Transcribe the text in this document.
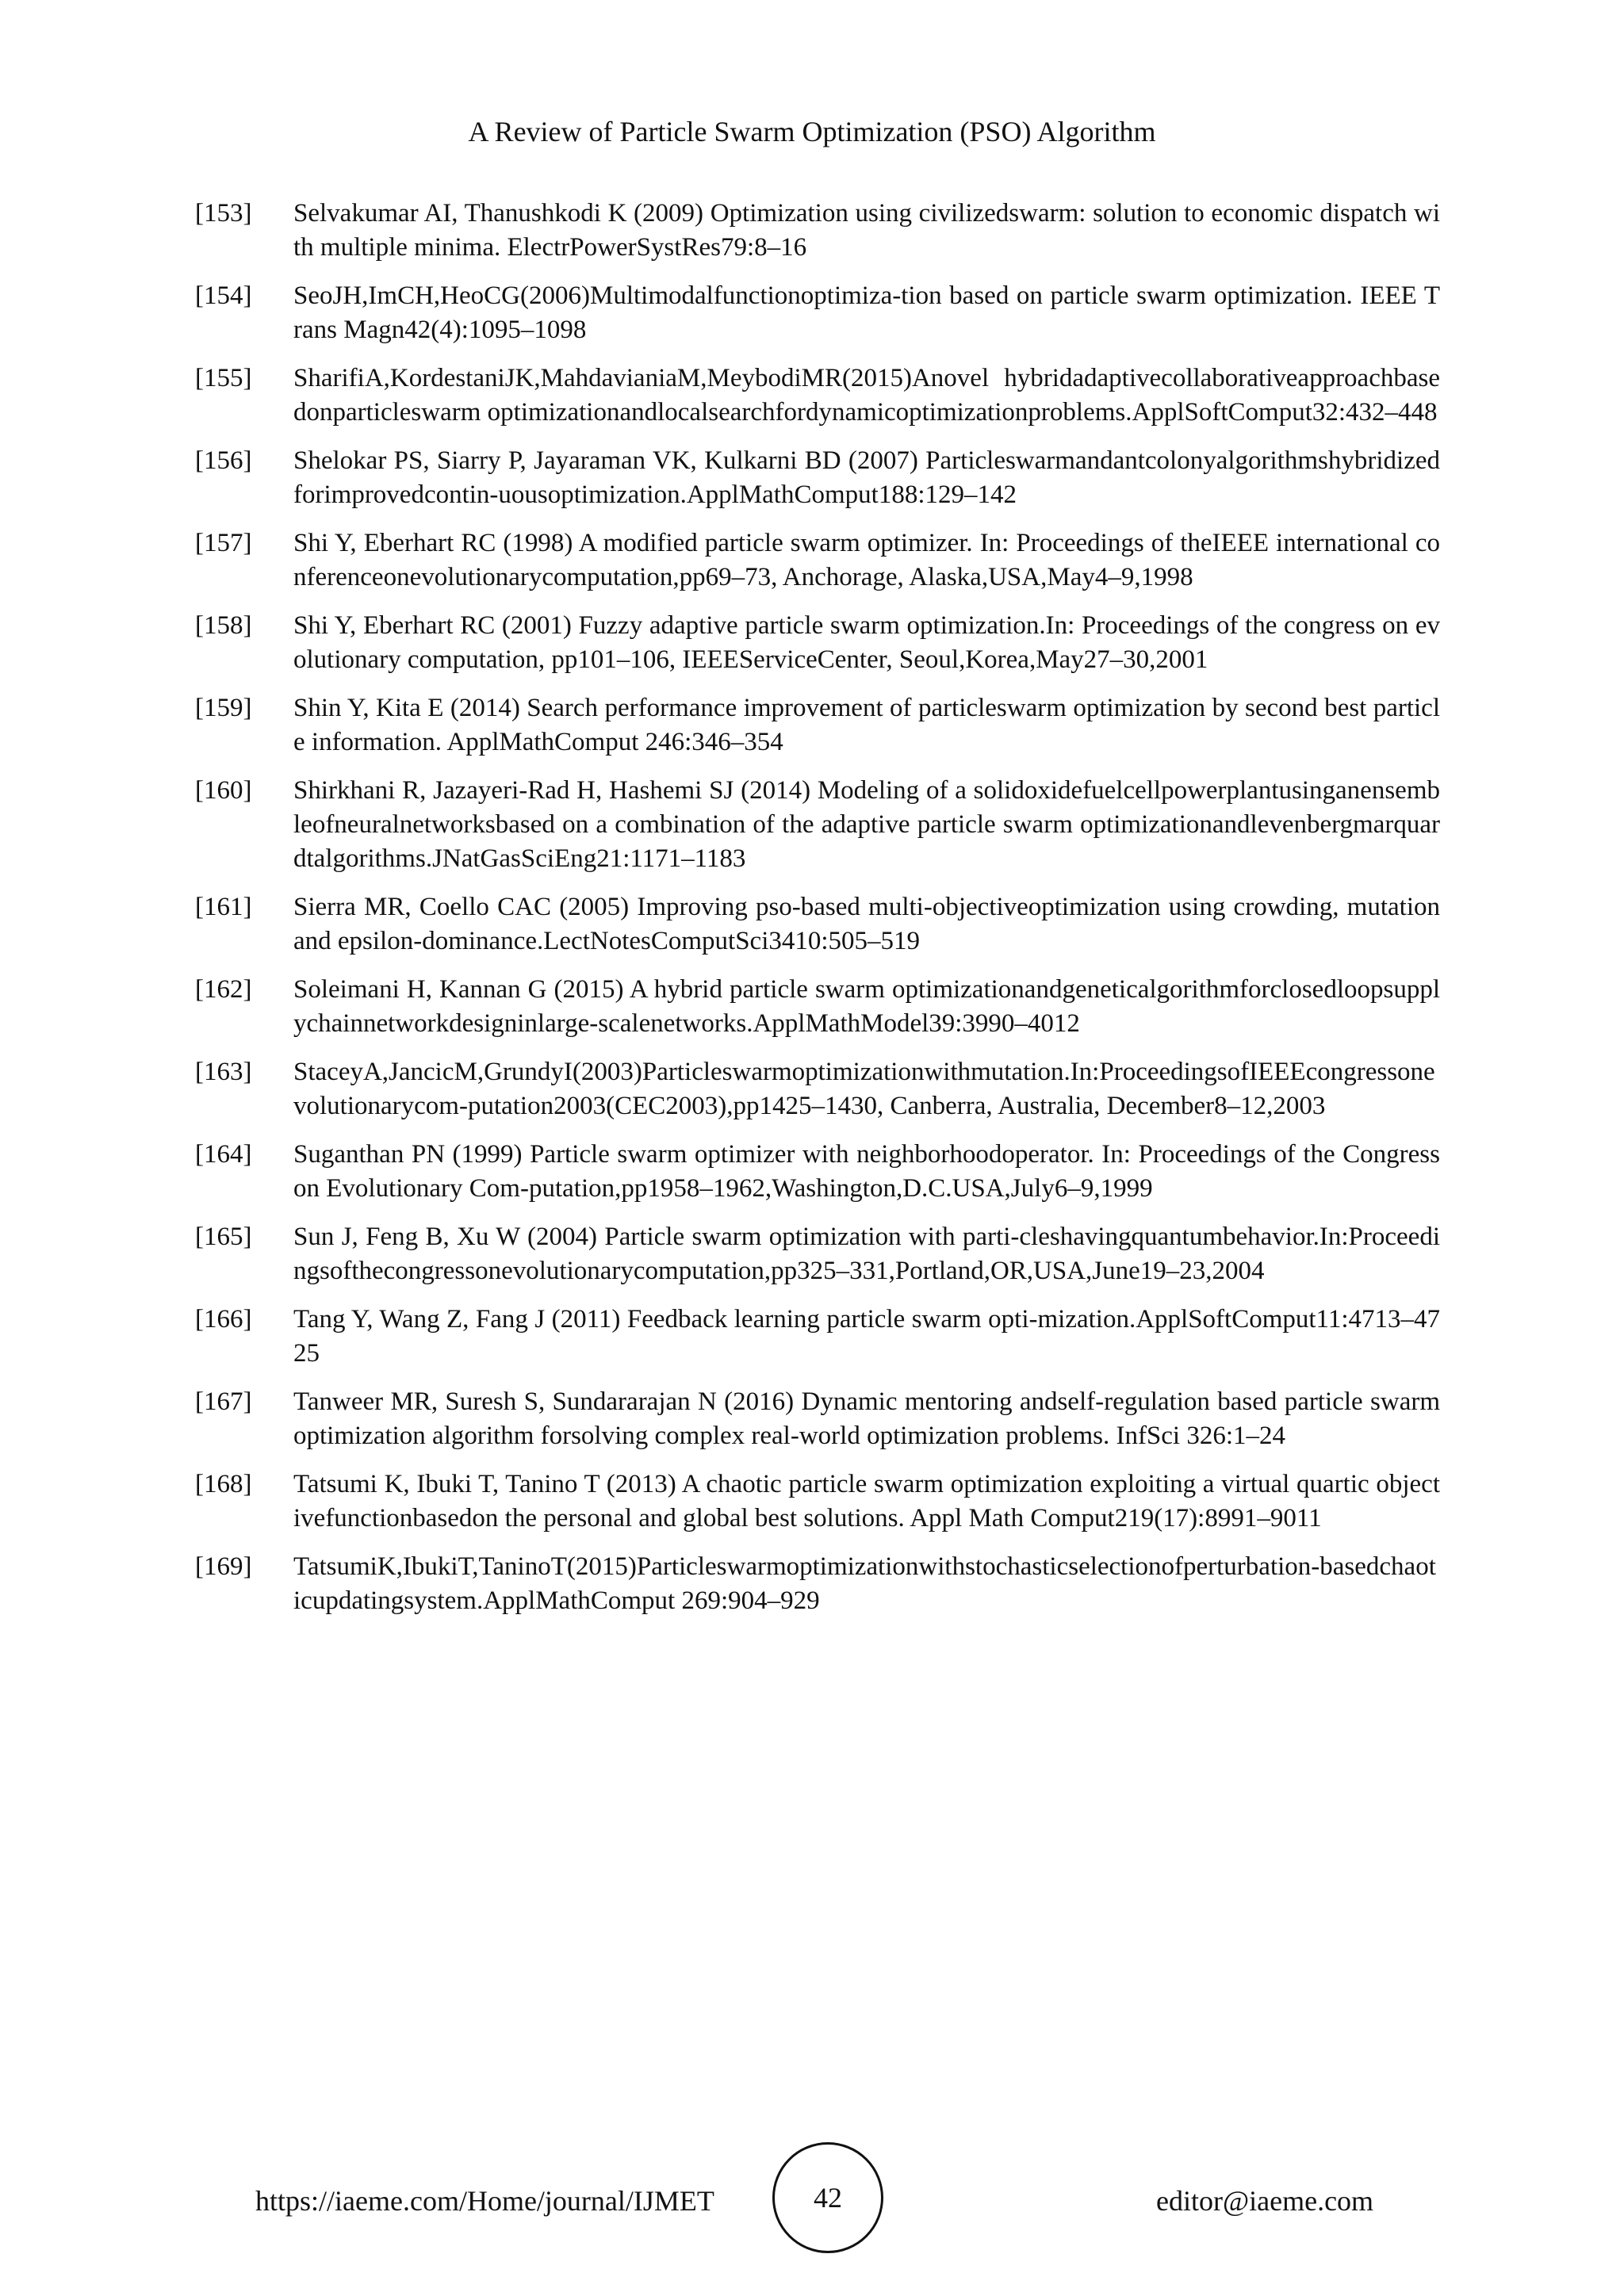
A Review of Particle Swarm Optimization (PSO) Algorithm
[153]	Selvakumar AI, Thanushkodi K (2009) Optimization using civilizedswarm: solution to economic dispatch with multiple minima. ElectrPowerSystRes79:8–16
[154]	SeoJH,ImCH,HeoCG(2006)Multimodalfunctionoptimiza-tion based on particle swarm optimization. IEEE Trans Magn42(4):1095–1098
[155]	SharifiA,KordestaniJK,MahdavianiaM,MeybodiMR(2015)Anovel hybridadaptivecollaborativeapproachbasedonparticleswarm optimizationandlocalsearchfordynamicoptimizationproblems.ApplSoftComput32:432–448
[156]	Shelokar PS, Siarry P, Jayaraman VK, Kulkarni BD (2007) Particleswarmandantcolonyalgorithmshybridizedforimprovedcontin-uousoptimization.ApplMathComput188:129–142
[157]	Shi Y, Eberhart RC (1998) A modified particle swarm optimizer. In: Proceedings of theIEEE international conferenceonevolutionarycomputation,pp69–73, Anchorage, Alaska,USA,May4–9,1998
[158]	Shi Y, Eberhart RC (2001) Fuzzy adaptive particle swarm optimization.In: Proceedings of the congress on evolutionary computation, pp101–106, IEEEServiceCenter, Seoul,Korea,May27–30,2001
[159]	Shin Y, Kita E (2014) Search performance improvement of particleswarm optimization by second best particle information. ApplMathComput 246:346–354
[160]	Shirkhani R, Jazayeri-Rad H, Hashemi SJ (2014) Modeling of a solidoxidefuelcellpowerplantusinganensembleofneuralnetworksbased on a combination of the adaptive particle swarm optimizationandlevenbergmarquardtalgorithms.JNatGasSciEng21:1171–1183
[161]	Sierra MR, Coello CAC (2005) Improving pso-based multi-objectiveoptimization using crowding, mutation and epsilon-dominance.LectNotesComputSci3410:505–519
[162]	Soleimani H, Kannan G (2015) A hybrid particle swarm optimizationandgeneticalgorithmforclosedloopsupplychainnetworkdesigninlarge-scalenetworks.ApplMathModel39:3990–4012
[163]	StaceyA,JancicM,GrundyI(2003)Particleswarmoptimizationwithmutation.In:ProceedingsofIEEEcongressonevolutionarycom-putation2003(CEC2003),pp1425–1430, Canberra, Australia, December8–12,2003
[164]	Suganthan PN (1999) Particle swarm optimizer with neighborhoodoperator. In: Proceedings of the Congress on Evolutionary Com-putation,pp1958–1962,Washington,D.C.USA,July6–9,1999
[165]	Sun J, Feng B, Xu W (2004) Particle swarm optimization with parti-cleshavingquantumbehavior.In:Proceedingsofthecongressonevolutionarycomputation,pp325–331,Portland,OR,USA,June19–23,2004
[166]	Tang Y, Wang Z, Fang J (2011) Feedback learning particle swarm opti-mization.ApplSoftComput11:4713–4725
[167]	Tanweer MR, Suresh S, Sundararajan N (2016) Dynamic mentoring andself-regulation based particle swarm optimization algorithm forsolving complex real-world optimization problems. InfSci 326:1–24
[168]	Tatsumi K, Ibuki T, Tanino T (2013) A chaotic particle swarm optimization exploiting a virtual quartic objectivefunctionbasedon the personal and global best solutions. Appl Math Comput219(17):8991–9011
[169]	TatsumiK,IbukiT,TaninoT(2015)Particleswarmoptimizationwithstochasticselectionofperturbation-basedchaoticupdatingsystem.ApplMathComput 269:904–929
https://iaeme.com/Home/journal/IJMET	42	editor@iaeme.com
